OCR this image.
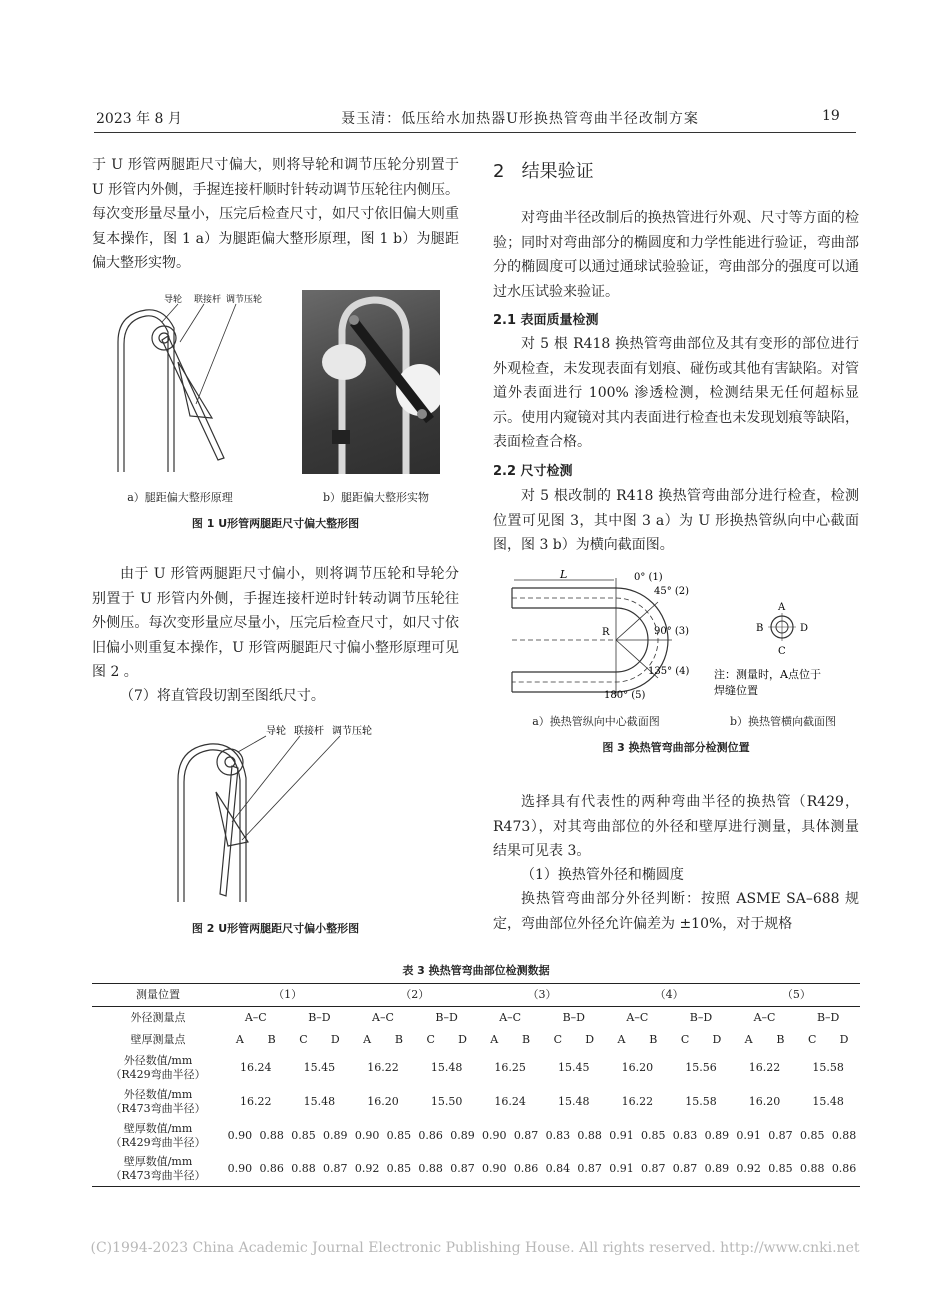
2023 年 8 月	聂玉清：低压给水加热器U形换热管弯曲半径改制方案	19

于 U 形管两腿距尺寸偏大，则将导轮和调节压轮分别置于 U 形管内外侧，手握连接杆顺时针转动调节压轮往内侧压。每次变形量尽量小，压完后检查尺寸，如尺寸依旧偏大则重复本操作，图 1 a）为腿距偏大整形原理，图 1 b）为腿距偏大整形实物。

导轮 联接杆 调节压轮
a）腿距偏大整形原理	b）腿距偏大整形实物
图 1 U形管两腿距尺寸偏大整形图

由于 U 形管两腿距尺寸偏小，则将调节压轮和导轮分别置于 U 形管内外侧，手握连接杆逆时针转动调节压轮往外侧压。每次变形量应尽量小，压完后检查尺寸，如尺寸依旧偏小则重复本操作，U 形管两腿距尺寸偏小整形原理可见图 2 。

（7）将直管段切割至图纸尺寸。

导轮 联接杆 调节压轮
图 2 U形管两腿距尺寸偏小整形图
2 结果验证

对弯曲半径改制后的换热管进行外观、尺寸等方面的检验；同时对弯曲部分的椭圆度和力学性能进行验证，弯曲部分的椭圆度可以通过通球试验验证，弯曲部分的强度可以通过水压试验来验证。

2.1 表面质量检测

对 5 根 R418 换热管弯曲部位及其有变形的部位进行外观检查，未发现表面有划痕、碰伤或其他有害缺陷。对管道外表面进行 100% 渗透检测，检测结果无任何超标显示。使用内窥镜对其内表面进行检查也未发现划痕等缺陷，表面检查合格。

2.2 尺寸检测

对 5 根改制的 R418 换热管弯曲部分进行检查，检测位置可见图 3，其中图 3 a）为 U 形换热管纵向中心截面图，图 3 b）为横向截面图。

L	0° (1)
45° (2)
90° (3)
135° (4)
180° (5)
R
A
B
C
D
注：测量时，A点位于
焊缝位置
a）换热管纵向中心截面图	b）换热管横向截面图
图 3 换热管弯曲部分检测位置

选择具有代表性的两种弯曲半径的换热管（R429，R473），对其弯曲部位的外径和壁厚进行测量，具体测量结果可见表 3。

（1）换热管外径和椭圆度

换热管弯曲部分外径判断：按照 ASME SA–688 规定，弯曲部位外径允许偏差为 ±10%，对于规格

表 3 换热管弯曲部位检测数据
测量位置	（1）				（2）				（3）				（4）				（5）			
外径测量点	A–C		B–D		A–C		B–D		A–C		B–D		A–C		B–D		A–C		B–D	
壁厚测量点	A	B	C	D	A	B	C	D	A	B	C	D	A	B	C	D	A	B	C	D

外径数值/mm
（R429弯曲半径）	16.24		15.45		16.22		15.48		16.25		15.45		16.20		15.56		16.22		15.58	

外径数值/mm
（R473弯曲半径）	16.22		15.48		16.20		15.50		16.24		15.48		16.22		15.58		16.20		15.48	

壁厚数值/mm
（R429弯曲半径）	0.90	0.88	0.85	0.89	0.90	0.85	0.86	0.89	0.90	0.87	0.83	0.88	0.91	0.85	0.83	0.89	0.91	0.87	0.85	0.88

壁厚数值/mm
（R473弯曲半径）	0.90	0.86	0.88	0.87	0.92	0.85	0.88	0.87	0.90	0.86	0.84	0.87	0.91	0.87	0.87	0.89	0.92	0.85	0.88	0.86
(C)1994-2023 China Academic Journal Electronic Publishing House. All rights reserved. http://www.cnki.net
